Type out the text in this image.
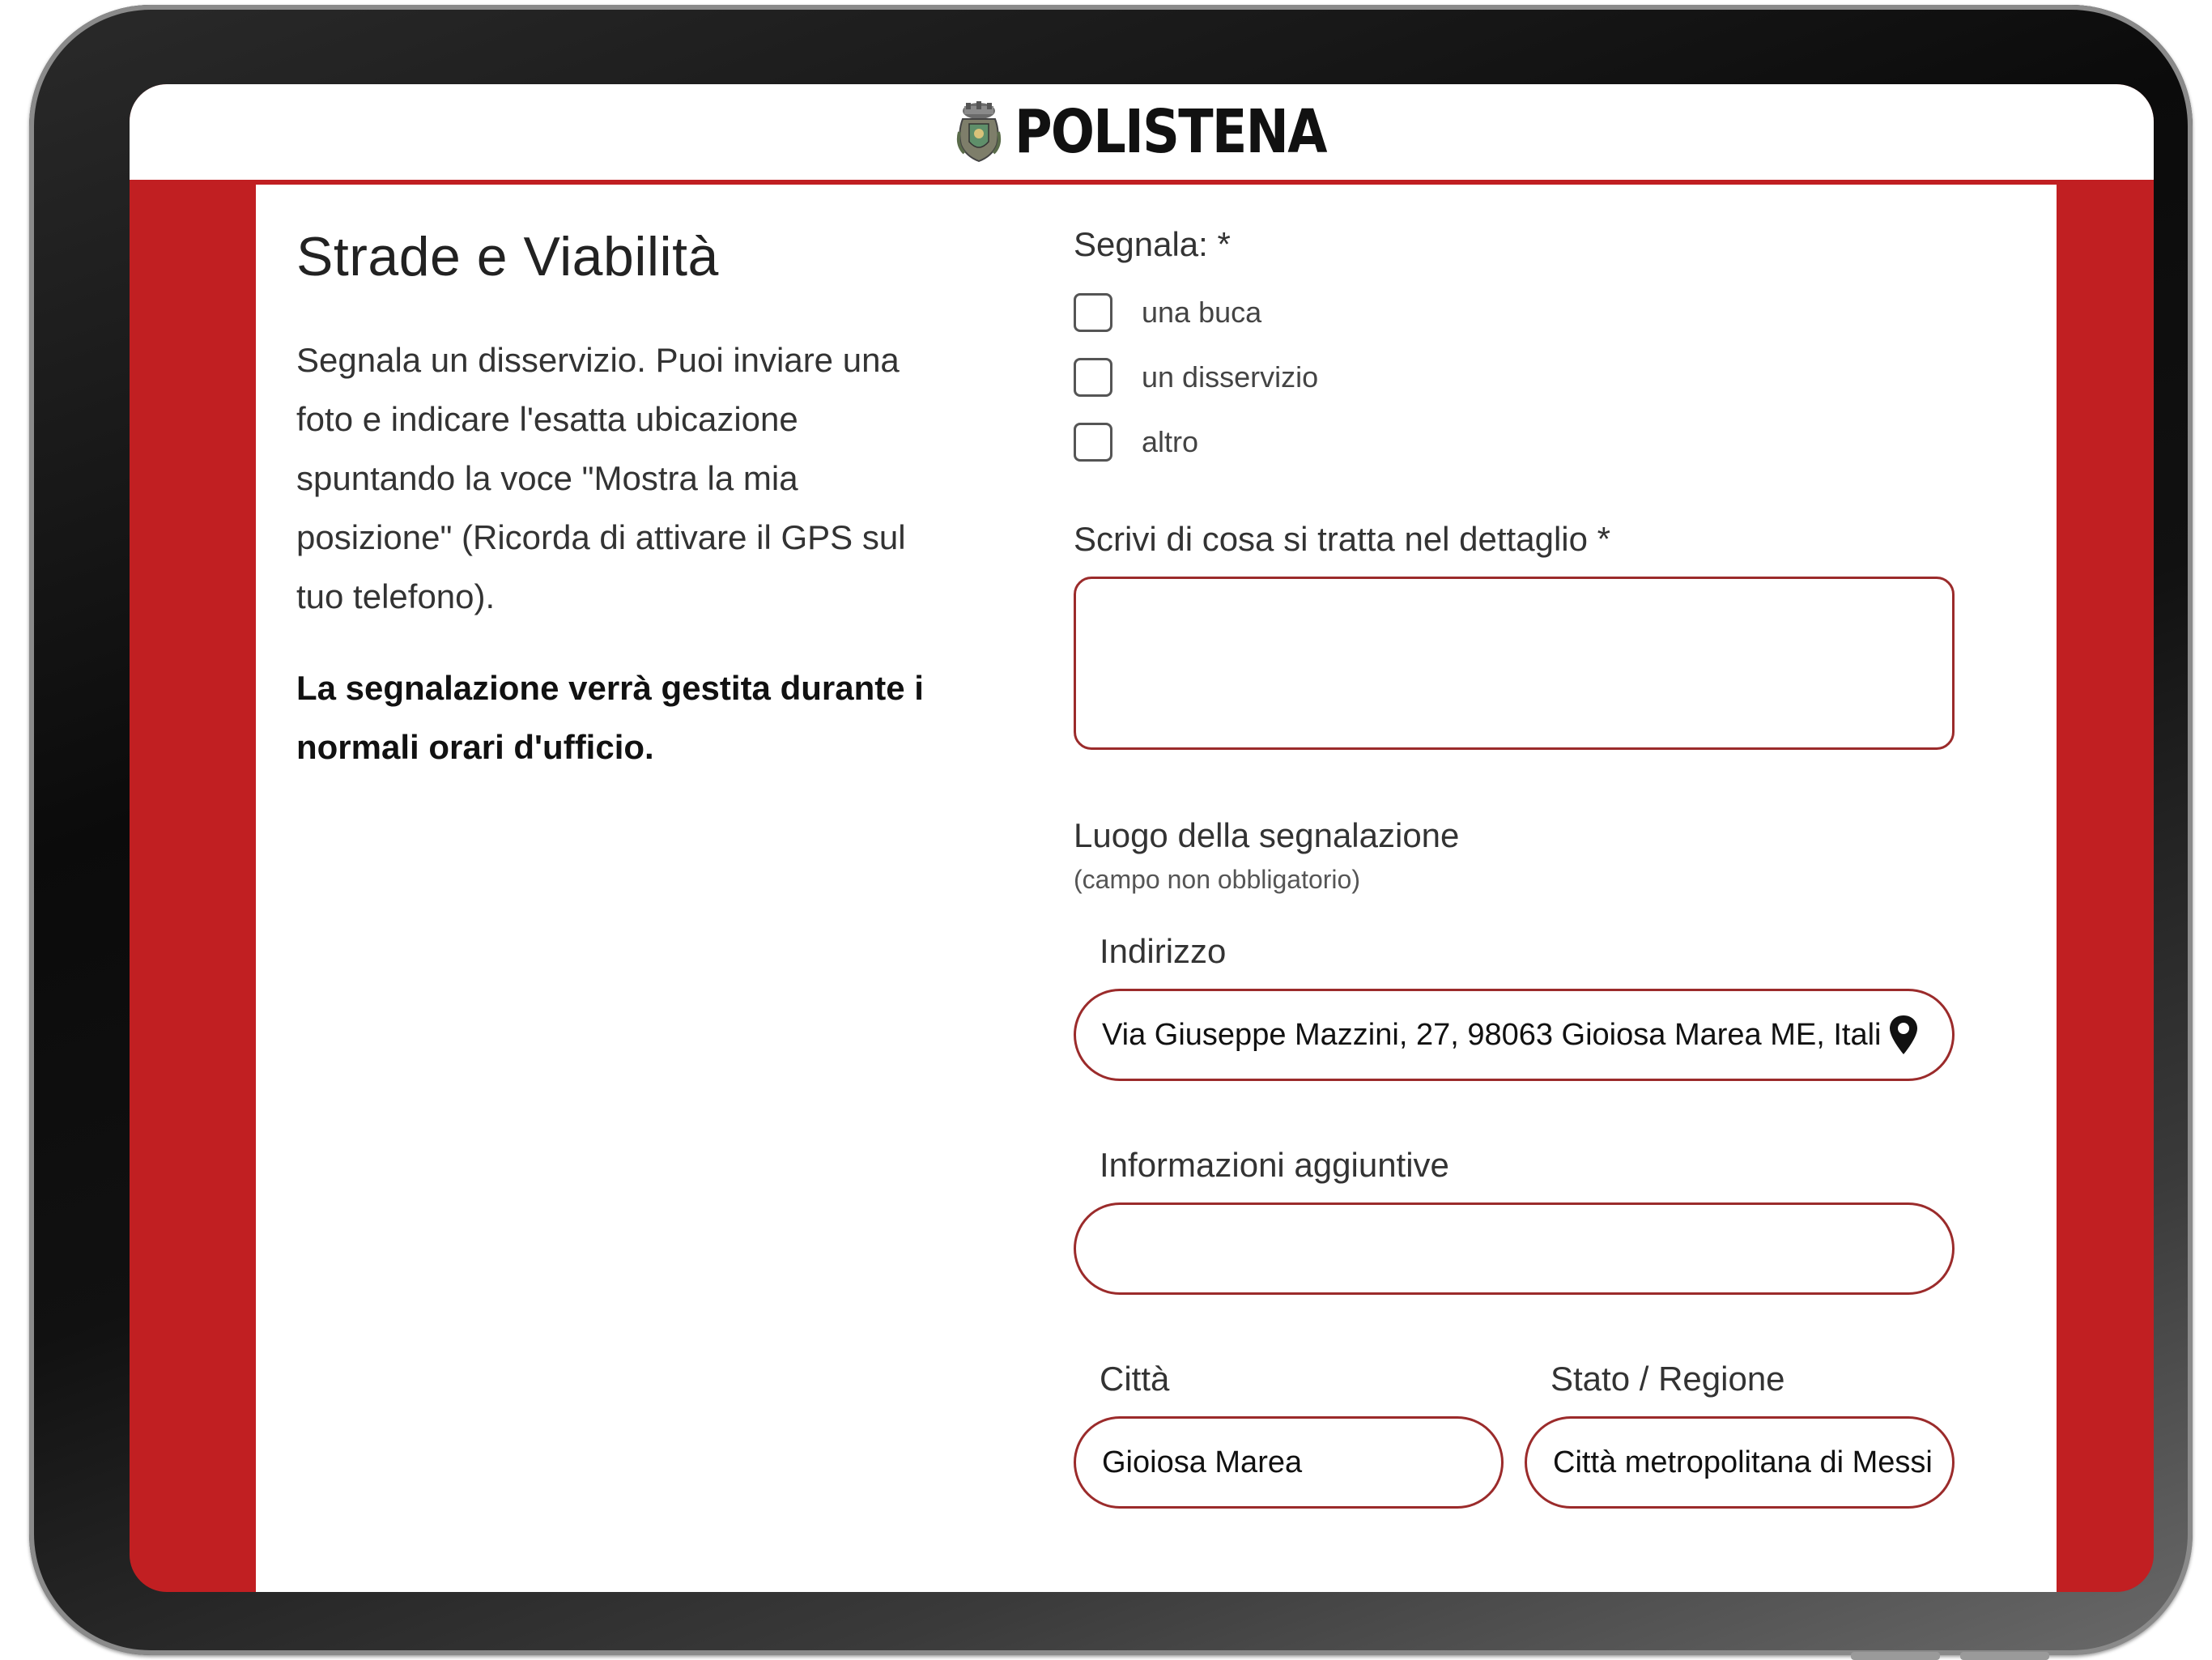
POLISTENA
Strade e Viabilità

Segnala un disservizio. Puoi inviare una foto e indicare l'esatta ubicazione spuntando la voce "Mostra la mia posizione" (Ricorda di attivare il GPS sul tuo telefono).

La segnalazione verrà gestita durante i normali orari d'ufficio.

Segnala: *
una buca
un disservizio
altro
Scrivi di cosa si tratta nel dettaglio *
Luogo della segnalazione
(campo non obbligatorio)
Indirizzo
Via Giuseppe Mazzini, 27, 98063 Gioiosa Marea ME, Italia
Informazioni aggiuntive
Città
Gioiosa Marea	Stato / Regione
Città metropolitana di Messina
